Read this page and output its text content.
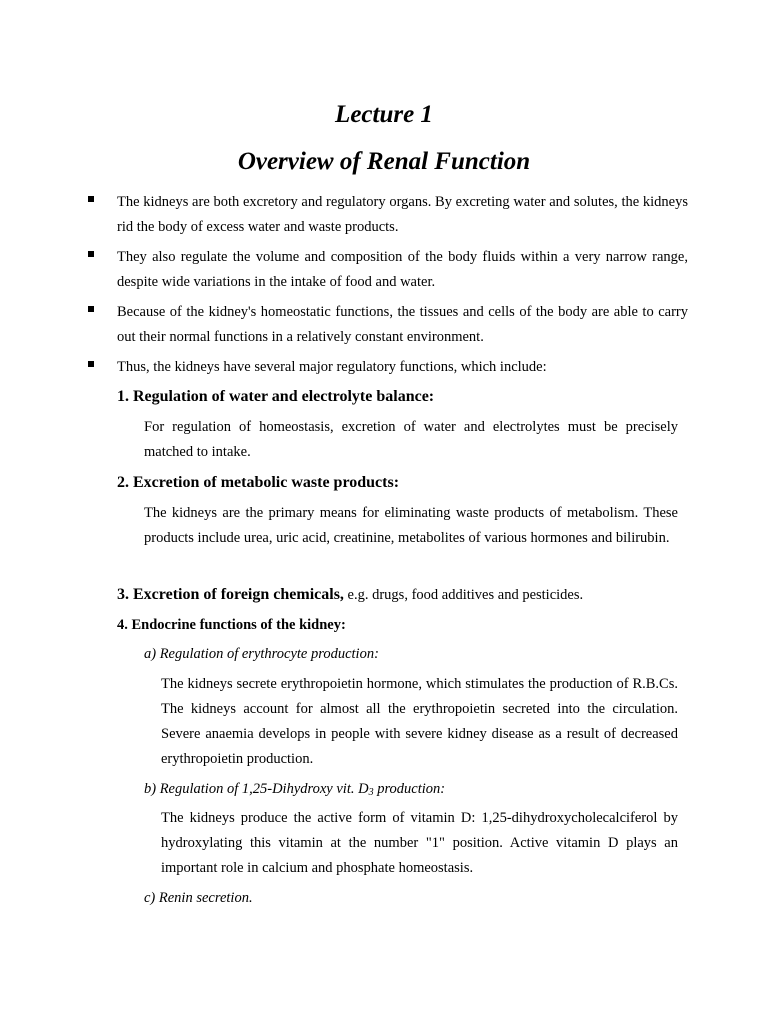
Lecture 1
Overview of Renal Function
The kidneys are both excretory and regulatory organs. By excreting water and solutes, the kidneys rid the body of excess water and waste products.
They also regulate the volume and composition of the body fluids within a very narrow range, despite wide variations in the intake of food and water.
Because of the kidney's homeostatic functions, the tissues and cells of the body are able to carry out their normal functions in a relatively constant environment.
Thus, the kidneys have several major regulatory functions, which include:
1. Regulation of water and electrolyte balance:
For regulation of homeostasis, excretion of water and electrolytes must be precisely matched to intake.
2. Excretion of metabolic waste products:
The kidneys are the primary means for eliminating waste products of metabolism. These products include urea, uric acid, creatinine, metabolites of various hormones and bilirubin.
3. Excretion of foreign chemicals, e.g. drugs, food additives and pesticides.
4. Endocrine functions of the kidney:
a) Regulation of erythrocyte production:
The kidneys secrete erythropoietin hormone, which stimulates the production of R.B.Cs. The kidneys account for almost all the erythropoietin secreted into the circulation. Severe anaemia develops in people with severe kidney disease as a result of decreased erythropoietin production.
b) Regulation of 1,25-Dihydroxy vit. $D_3$ production:
The kidneys produce the active form of vitamin D: 1,25-dihydroxycholecalciferol by hydroxylating this vitamin at the number "1" position. Active vitamin D plays an important role in calcium and phosphate homeostasis.
c) Renin secretion.
